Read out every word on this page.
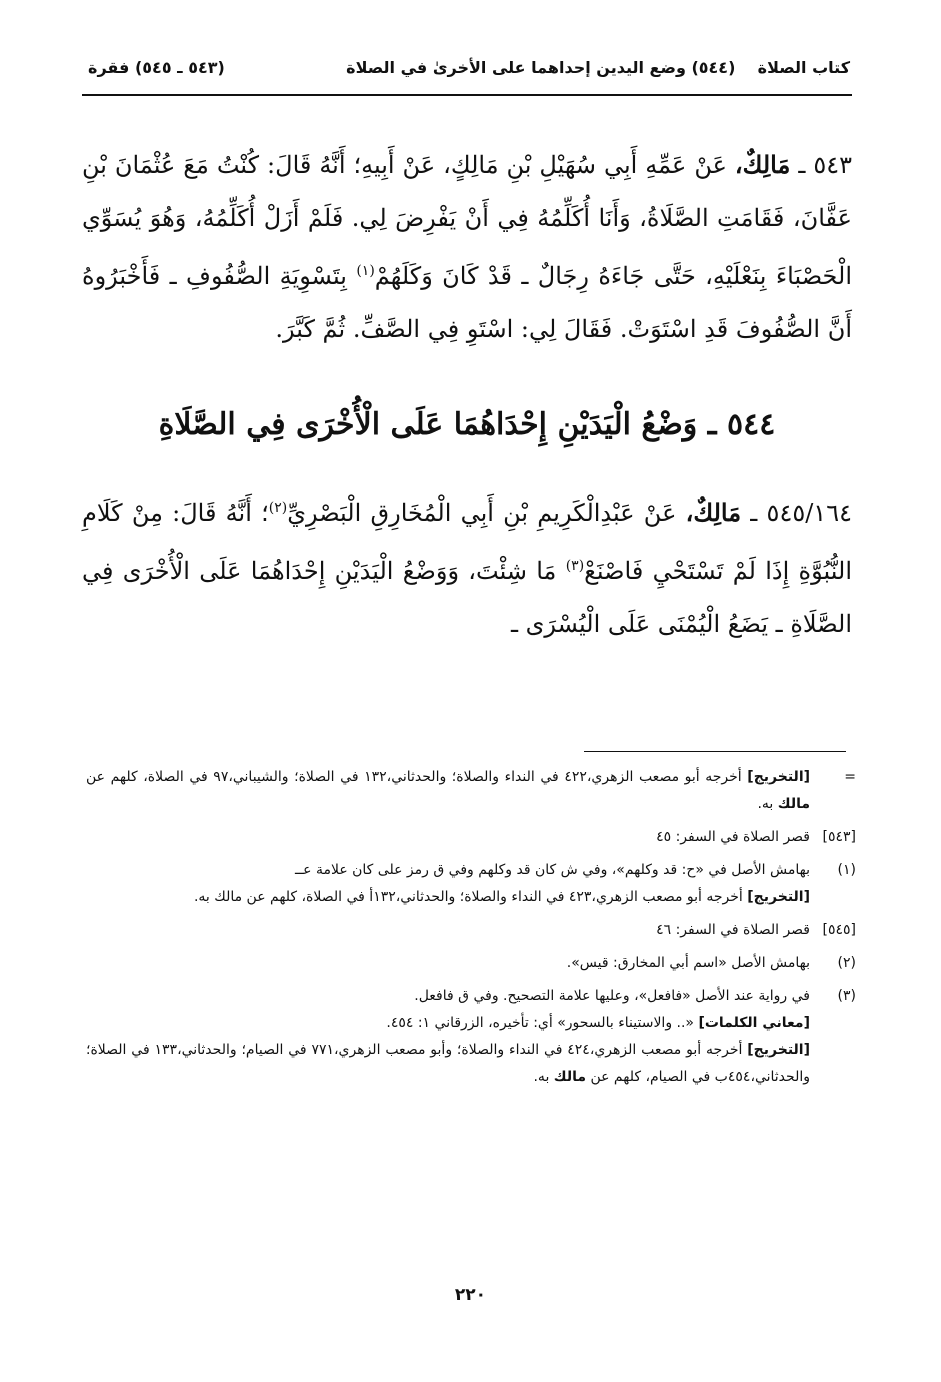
كتاب الصلاة    (٥٤٤) وضع اليدين إحداهما على الأخرىٰ في الصلاة
(٥٤٣ ـ ٥٤٥) فقرة

٥٤٣ ـ مَالِكٌ، عَنْ عَمِّهِ أَبِي سُهَيْلِ بْنِ مَالِكٍ، عَنْ أَبِيهِ؛ أَنَّهُ قَالَ: كُنْتُ مَعَ عُثْمَانَ بْنِ عَفَّانَ، فَقَامَتِ الصَّلَاةُ، وَأَنَا أُكَلِّمُهُ فِي أَنْ يَفْرِضَ لِي. فَلَمْ أَزَلْ أُكَلِّمُهُ، وَهُوَ يُسَوِّي الْحَصْبَاءَ بِنَعْلَيْهِ، حَتَّى جَاءَهُ رِجَالٌ ـ قَدْ كَانَ وَكَلَهُمْ$^{(١)}$ بِتَسْوِيَةِ الصُّفُوفِ ـ فَأَخْبَرُوهُ أَنَّ الصُّفُوفَ قَدِ اسْتَوَتْ. فَقَالَ لِي: اسْتَوِ فِي الصَّفِّ. ثُمَّ كَبَّرَ.

٥٤٤ ـ وَضْعُ الْيَدَيْنِ إِحْدَاهُمَا عَلَى الْأُخْرَى فِي الصَّلَاةِ

٥٤٥/١٦٤ ـ مَالِكٌ، عَنْ عَبْدِالْكَرِيمِ بْنِ أَبِي الْمُخَارِقِ الْبَصْرِيِّ$^{(٢)}$؛ أَنَّهُ قَالَ: مِنْ كَلَامِ النُّبُوَّةِ إِذَا لَمْ تَسْتَحْيِ فَاصْنَعْ$^{(٣)}$ مَا شِئْتَ، وَوَضْعُ الْيَدَيْنِ إِحْدَاهُمَا عَلَى الْأُخْرَى فِي الصَّلَاةِ ـ يَضَعُ الْيُمْنَى عَلَى الْيُسْرَى ـ

=

[التخريج] أخرجه أبو مصعب الزهري،٤٢٢ في النداء والصلاة؛ والحدثاني،١٣٢ في الصلاة؛ والشيباني،٩٧ في الصلاة، كلهم عن مالك به.

[٥٤٣]

قصر الصلاة في السفر: ٤٥

(١)

بهامش الأصل في «ح: قد وكلهم»، وفي ش كان قد وكلهم وفي ق رمز على كان علامة عــ

[التخريج] أخرجه أبو مصعب الزهري،٤٢٣ في النداء والصلاة؛ والحدثاني،١٣٢أ في الصلاة، كلهم عن مالك به.

[٥٤٥]

قصر الصلاة في السفر: ٤٦

(٢)

بهامش الأصل «اسم أبي المخارق: قيس».

(٣)

في رواية عند الأصل «فافعل»، وعليها علامة التصحيح. وفي ق فافعل.

[معاني الكلمات] «.. والاستيناء بالسحور» أي: تأخيره، الزرقاني ١: ٤٥٤.

[التخريج] أخرجه أبو مصعب الزهري،٤٢٤ في النداء والصلاة؛ وأبو مصعب الزهري،٧٧١ في الصيام؛ والحدثاني،١٣٣ في الصلاة؛ والحدثاني،٤٥٤ب في الصيام، كلهم عن مالك به.

٢٢٠
